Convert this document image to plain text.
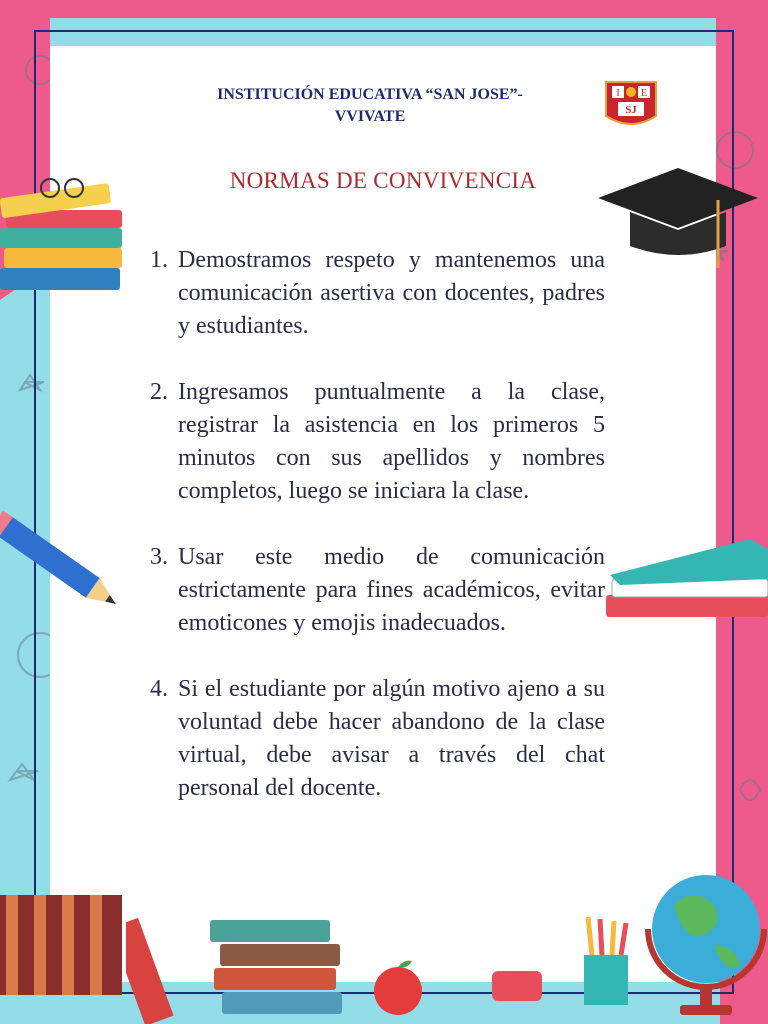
INSTITUCIÓN EDUCATIVA “SAN JOSE”-
VVIVATE
I E
SJ
NORMAS DE CONVIVENCIA
1. Demostramos respeto y mantenemos una comunicación asertiva con docentes, padres y estudiantes.
2. Ingresamos puntualmente a la clase, registrar la asistencia en los primeros 5 minutos con sus apellidos y nombres completos, luego se iniciara la clase.
3. Usar este medio de comunicación estrictamente para fines académicos, evitar emoticones y emojis inadecuados.
4. Si el estudiante por algún motivo ajeno a su voluntad debe hacer abandono de la clase virtual, debe avisar a través del chat personal del docente.
